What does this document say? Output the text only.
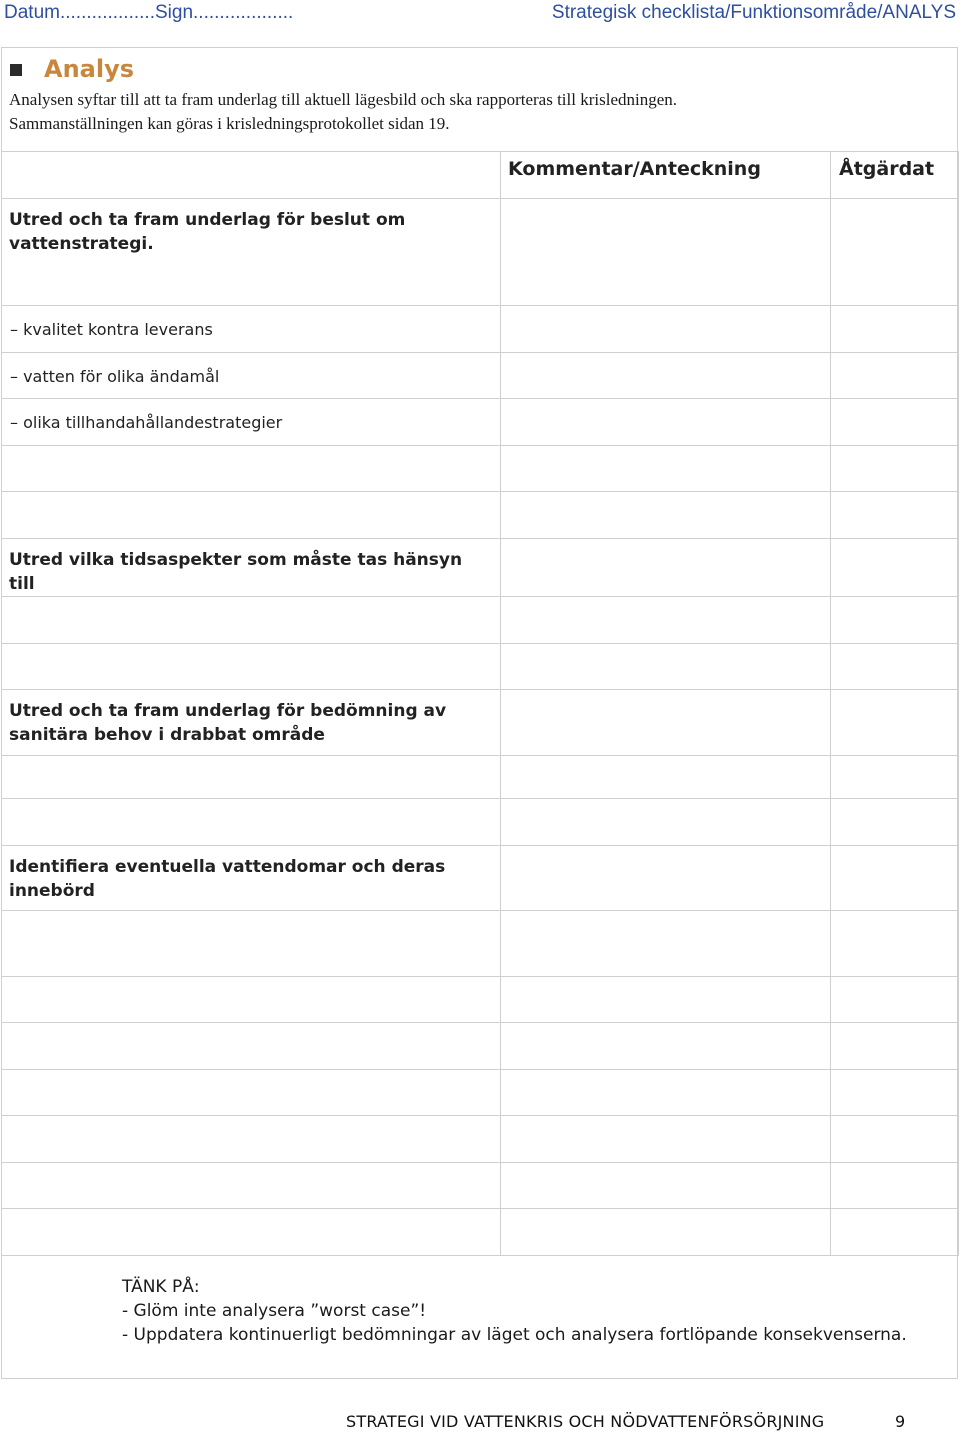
Datum..................Sign...................	Strategisk checklista/Funktionsområde/ANALYS
Analys
Analysen syftar till att ta fram underlag till aktuell lägesbild och ska rapporteras till krisledningen.
Sammanställningen kan göras i krisledningsprotokollet sidan 19.
	Kommentar/Anteckning	Åtgärdat
Utred och ta fram underlag för beslut om vattenstrategi.		
– kvalitet kontra leverans		
– vatten för olika ändamål		
– olika tillhandahållandestrategier		

Utred vilka tidsaspekter som måste tas hänsyn till		

Utred och ta fram underlag för bedömning av sanitära behov i drabbat område		

Identifiera eventuella vattendomar och deras innebörd		

TÄNK PÅ:
- Glöm inte analysera ”worst case”!
- Uppdatera kontinuerligt bedömningar av läget och analysera fortlöpande konsekvenserna.
STRATEGI VID VATTENKRIS OCH NÖDVATTENFÖRSÖRJNING	9
